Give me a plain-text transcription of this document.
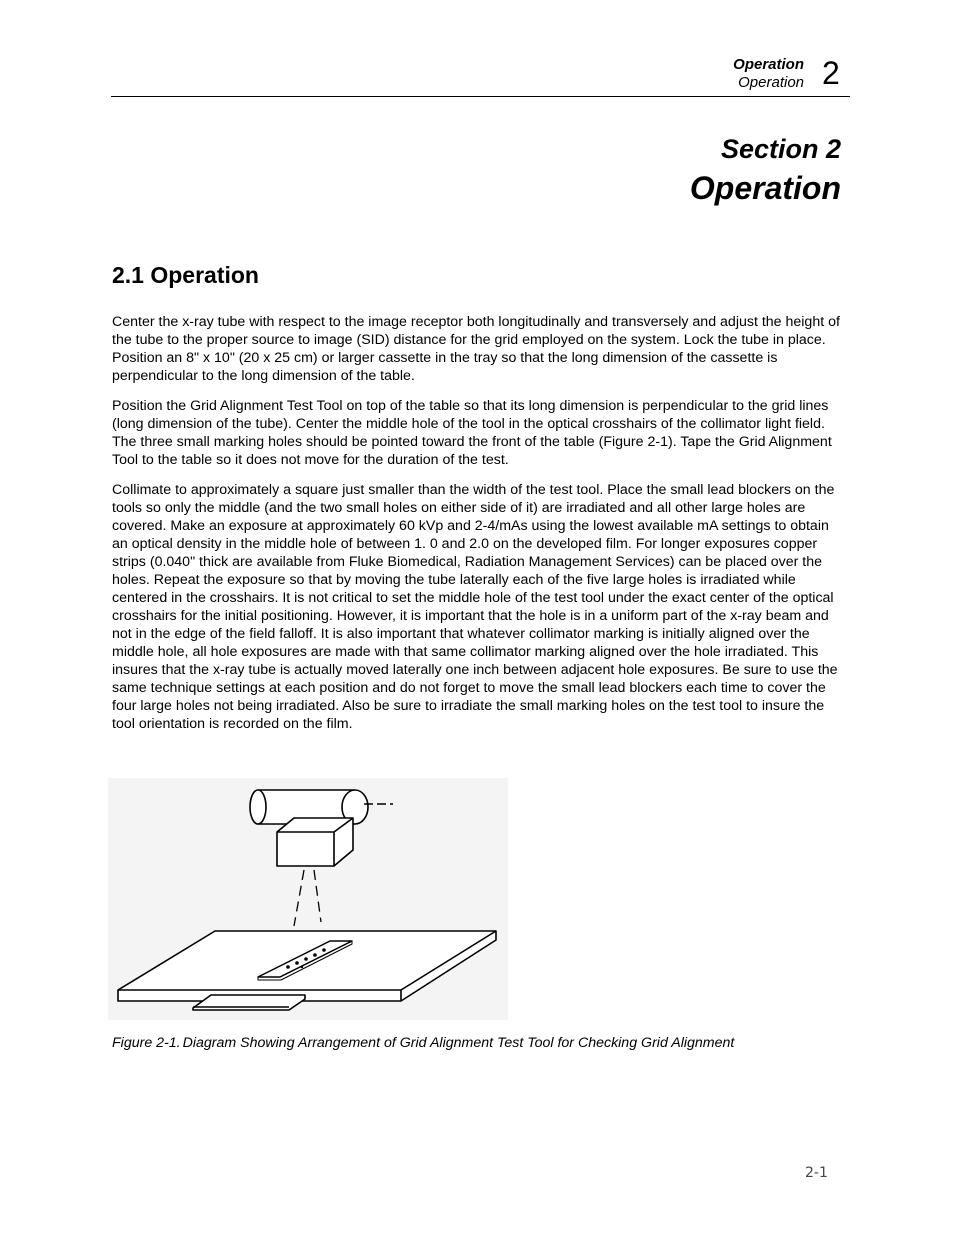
Operation
Operation 2
Section 2
Operation
2.1 Operation

Center the x-ray tube with respect to the image receptor both longitudinally and transversely and adjust the height of the tube to the proper source to image (SID) distance for the grid employed on the system. Lock the tube in place. Position an 8" x 10" (20 x 25 cm) or larger cassette in the tray so that the long dimension of the cassette is perpendicular to the long dimension of the table.

Position the Grid Alignment Test Tool on top of the table so that its long dimension is perpendicular to the grid lines (long dimension of the tube). Center the middle hole of the tool in the optical crosshairs of the collimator light field. The three small marking holes should be pointed toward the front of the table (Figure 2-1). Tape the Grid Alignment Tool to the table so it does not move for the duration of the test.

Collimate to approximately a square just smaller than the width of the test tool. Place the small lead blockers on the tools so only the middle (and the two small holes on either side of it) are irradiated and all other large holes are covered. Make an exposure at approximately 60 kVp and 2-4/mAs using the lowest available mA settings to obtain an optical density in the middle hole of between 1. 0 and 2.0 on the developed film. For longer exposures copper strips (0.040" thick are available from Fluke Biomedical, Radiation Management Services) can be placed over the holes. Repeat the exposure so that by moving the tube laterally each of the five large holes is irradiated while centered in the crosshairs. It is not critical to set the middle hole of the test tool under the exact center of the optical crosshairs for the initial positioning. However, it is important that the hole is in a uniform part of the x-ray beam and not in the edge of the field falloff. It is also important that whatever collimator marking is initially aligned over the middle hole, all hole exposures are made with that same collimator marking aligned over the hole irradiated. This insures that the x-ray tube is actually moved laterally one inch between adjacent hole exposures. Be sure to use the same technique settings at each position and do not forget to move the small lead blockers each time to cover the four large holes not being irradiated. Also be sure to irradiate the small marking holes on the test tool to insure the tool orientation is recorded on the film.

Figure 2-1. Diagram Showing Arrangement of Grid Alignment Test Tool for Checking Grid Alignment
2-1
